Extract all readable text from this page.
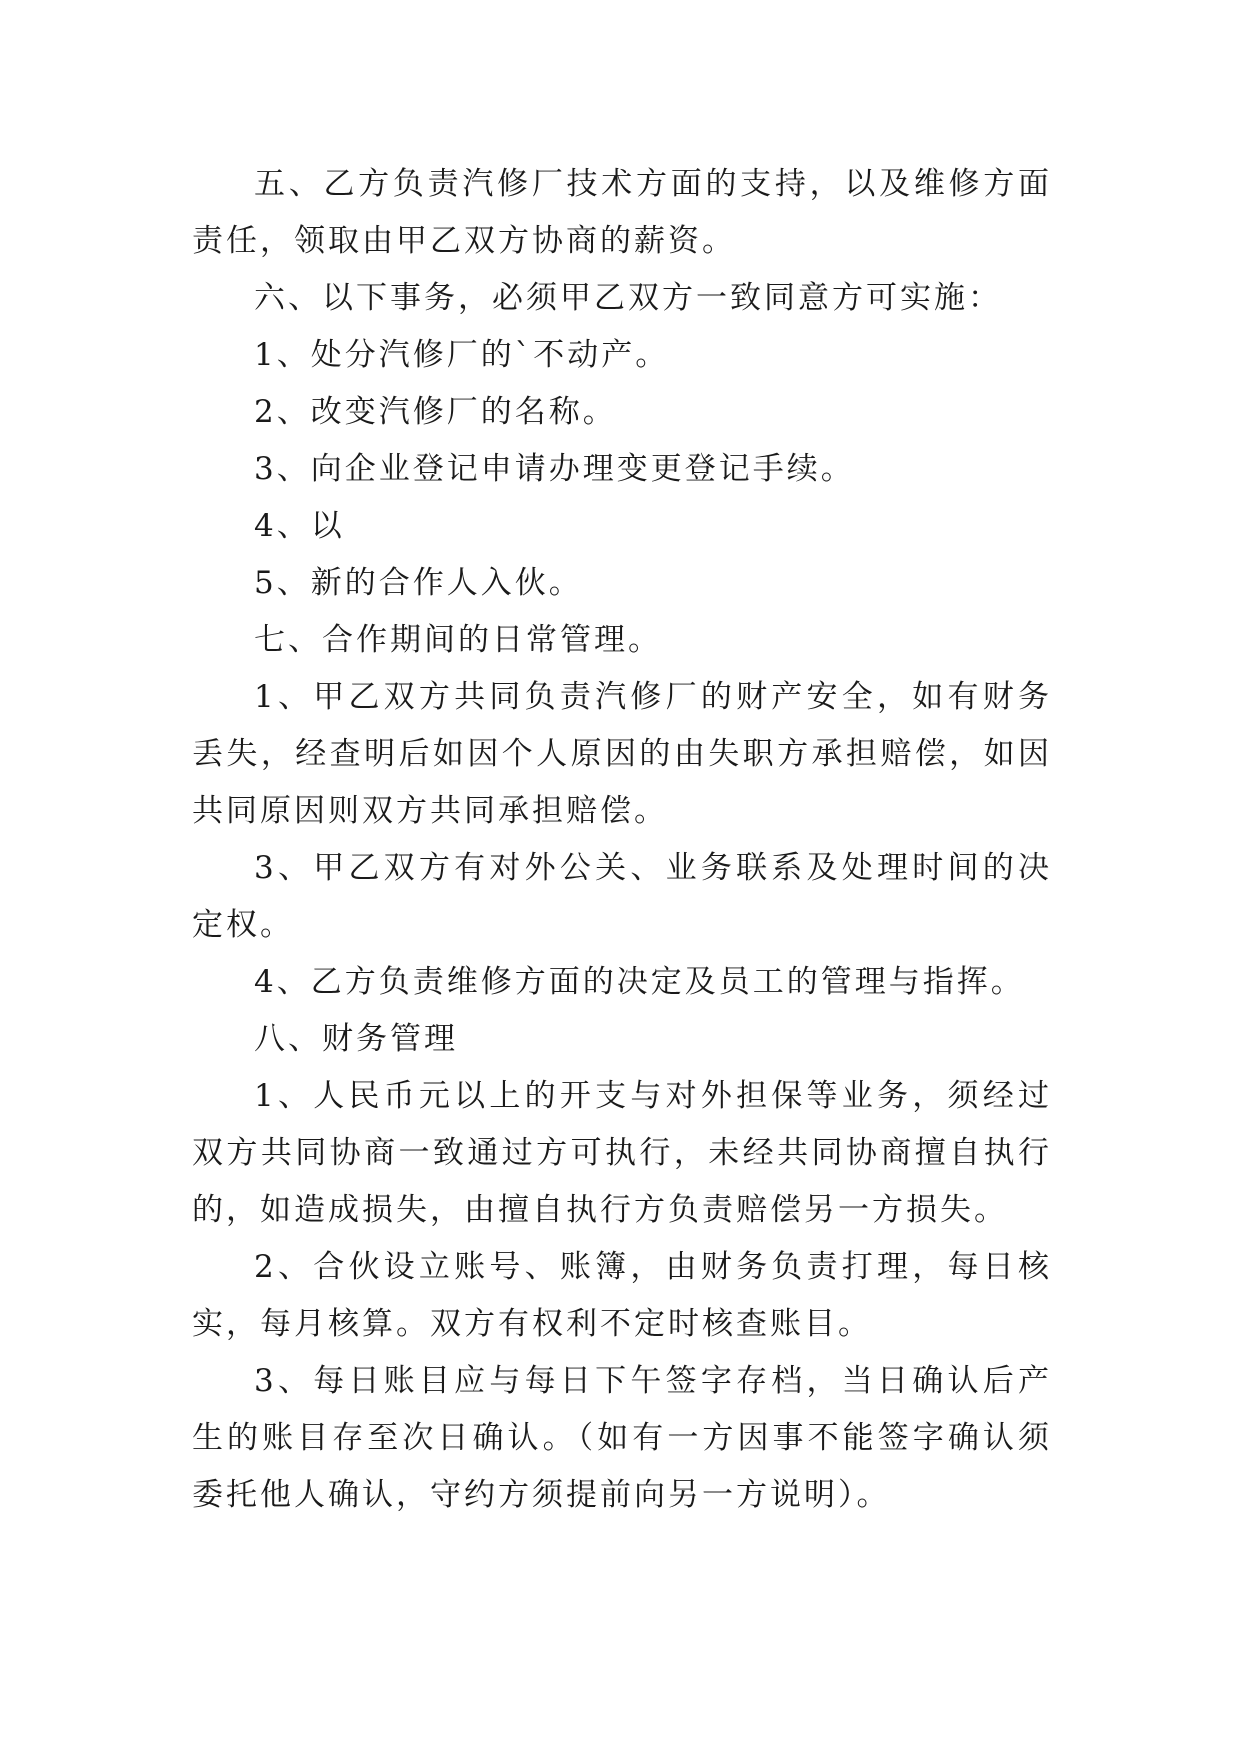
五、乙方负责汽修厂技术方面的支持，以及维修方面责任，领取由甲乙双方协商的薪资。

六、以下事务，必须甲乙双方一致同意方可实施：

1、处分汽修厂的`不动产。

2、改变汽修厂的名称。

3、向企业登记申请办理变更登记手续。

4、以

5、新的合作人入伙。

七、合作期间的日常管理。

1、甲乙双方共同负责汽修厂的财产安全，如有财务丢失，经查明后如因个人原因的由失职方承担赔偿，如因共同原因则双方共同承担赔偿。

3、甲乙双方有对外公关、业务联系及处理时间的决定权。

4、乙方负责维修方面的决定及员工的管理与指挥。

八、财务管理

1、人民币元以上的开支与对外担保等业务，须经过双方共同协商一致通过方可执行，未经共同协商擅自执行的，如造成损失，由擅自执行方负责赔偿另一方损失。

2、合伙设立账号、账簿，由财务负责打理，每日核实，每月核算。双方有权利不定时核查账目。

3、每日账目应与每日下午签字存档，当日确认后产生的账目存至次日确认。（如有一方因事不能签字确认须委托他人确认，守约方须提前向另一方说明）。
